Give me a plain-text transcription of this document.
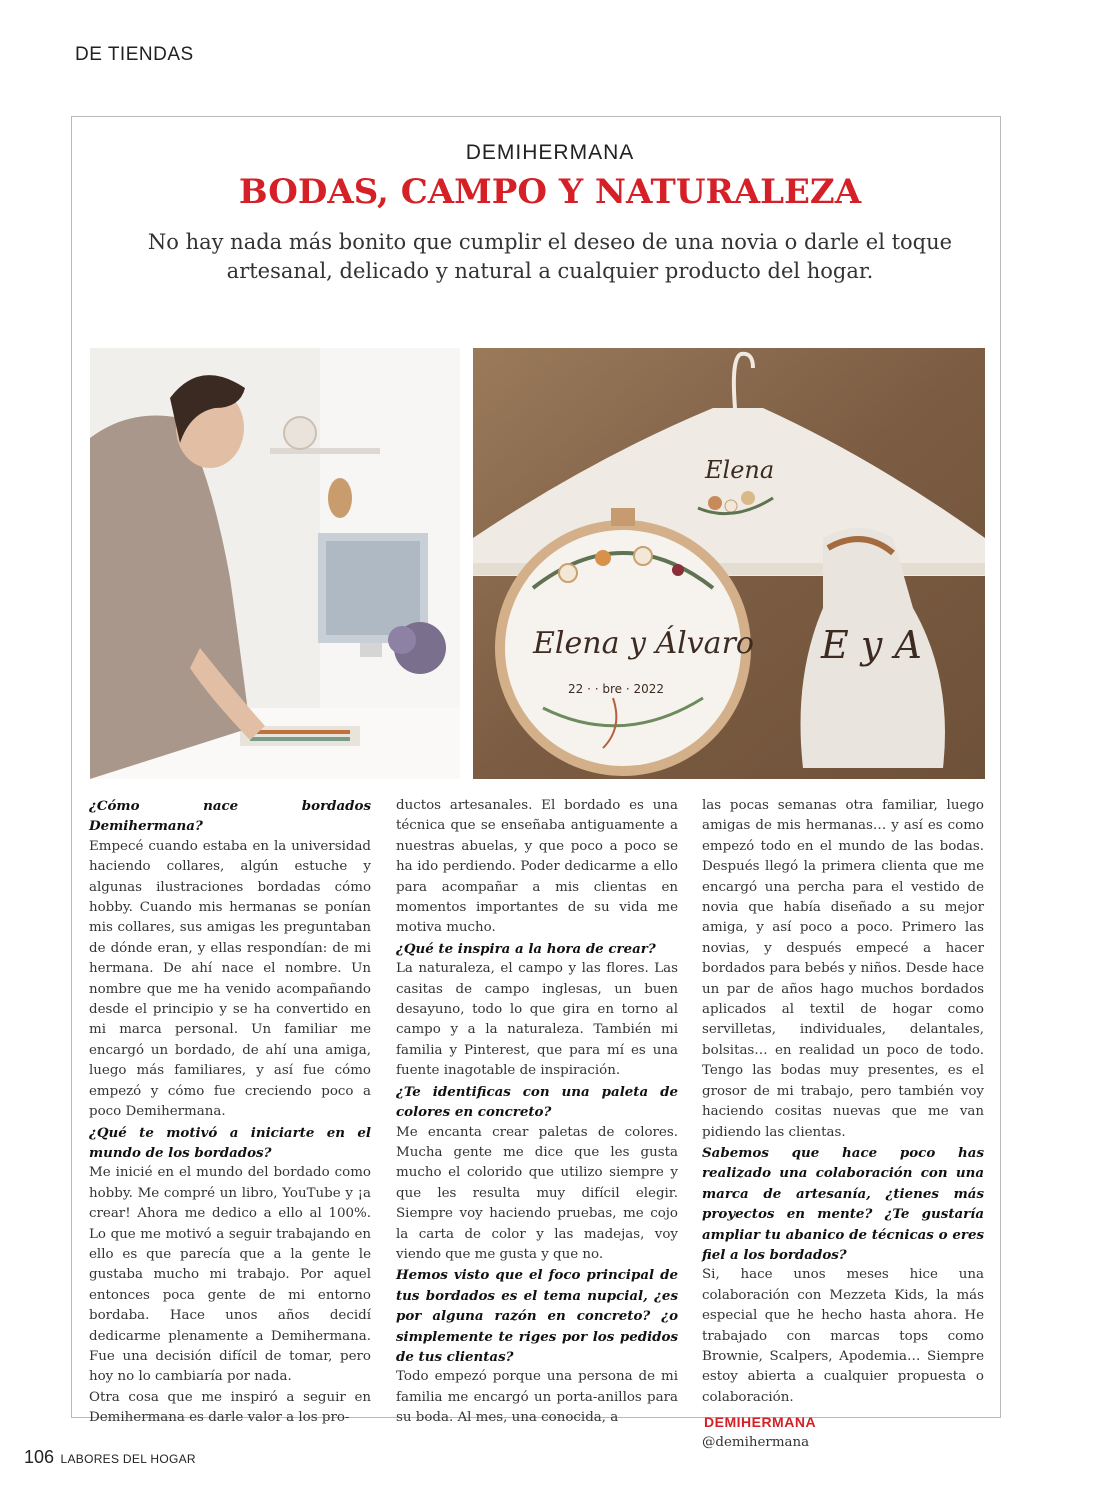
DE TIENDAS
DEMIHERMANA
BODAS, CAMPO Y NATURALEZA
No hay nada más bonito que cumplir el deseo de una novia o darle el toque artesanal, delicado y natural a cualquier producto del hogar.
Elena
E y A
Elena y Álvaro
22 · · bre · 2022

¿Cómo nace bordados Demihermana?

Empecé cuando estaba en la universidad haciendo collares, algún estuche y algunas ilustraciones bordadas cómo hobby. Cuando mis hermanas se ponían mis collares, sus amigas les preguntaban de dónde eran, y ellas respondían: de mi hermana. De ahí nace el nombre. Un nombre que me ha venido acompañando desde el principio y se ha convertido en mi marca personal. Un familiar me encargó un bordado, de ahí una amiga, luego más familiares, y así fue cómo empezó y cómo fue creciendo poco a poco Demihermana.

¿Qué te motivó a iniciarte en el mundo de los bordados?

Me inicié en el mundo del bordado como hobby. Me compré un libro, YouTube y ¡a crear! Ahora me dedico a ello al 100%. Lo que me motivó a seguir trabajando en ello es que parecía que a la gente le gustaba mucho mi trabajo. Por aquel entonces poca gente de mi entorno bordaba. Hace unos años decidí dedicarme plenamente a Demihermana. Fue una decisión difícil de tomar, pero hoy no lo cambiaría por nada.

Otra cosa que me inspiró a seguir en Demihermana es darle valor a los pro-

ductos artesanales. El bordado es una técnica que se enseñaba antiguamente a nuestras abuelas, y que poco a poco se ha ido perdiendo. Poder dedicarme a ello para acompañar a mis clientas en momentos importantes de su vida me motiva mucho.

¿Qué te inspira a la hora de crear?

La naturaleza, el campo y las flores. Las casitas de campo inglesas, un buen desayuno, todo lo que gira en torno al campo y a la naturaleza. También mi familia y Pinterest, que para mí es una fuente inagotable de inspiración.

¿Te identificas con una paleta de colores en concreto?

Me encanta crear paletas de colores. Mucha gente me dice que les gusta mucho el colorido que utilizo siempre y que les resulta muy difícil elegir. Siempre voy haciendo pruebas, me cojo la carta de color y las madejas, voy viendo que me gusta y que no.

Hemos visto que el foco principal de tus bordados es el tema nupcial, ¿es por alguna razón en concreto? ¿o simplemente te riges por los pedidos de tus clientas?

Todo empezó porque una persona de mi familia me encargó un porta-anillos para su boda. Al mes, una conocida, a

las pocas semanas otra familiar, luego amigas de mis hermanas… y así es como empezó todo en el mundo de las bodas. Después llegó la primera clienta que me encargó una percha para el vestido de novia que había diseñado a su mejor amiga, y así poco a poco. Primero las novias, y después empecé a hacer bordados para bebés y niños. Desde hace un par de años hago muchos bordados aplicados al textil de hogar como servilletas, individuales, delantales, bolsitas… en realidad un poco de todo. Tengo las bodas muy presentes, es el grosor de mi trabajo, pero también voy haciendo cositas nuevas que me van pidiendo las clientas.

Sabemos que hace poco has realizado una colaboración con una marca de artesanía, ¿tienes más proyectos en mente? ¿Te gustaría ampliar tu abanico de técnicas o eres fiel a los bordados?

Si, hace unos meses hice una colaboración con Mezzeta Kids, la más especial que he hecho hasta ahora. He trabajado con marcas tops como Brownie, Scalpers, Apodemia… Siempre estoy abierta a cualquier propuesta o colaboración.

DEMIHERMANA

@demihermana

106 LABORES DEL HOGAR
